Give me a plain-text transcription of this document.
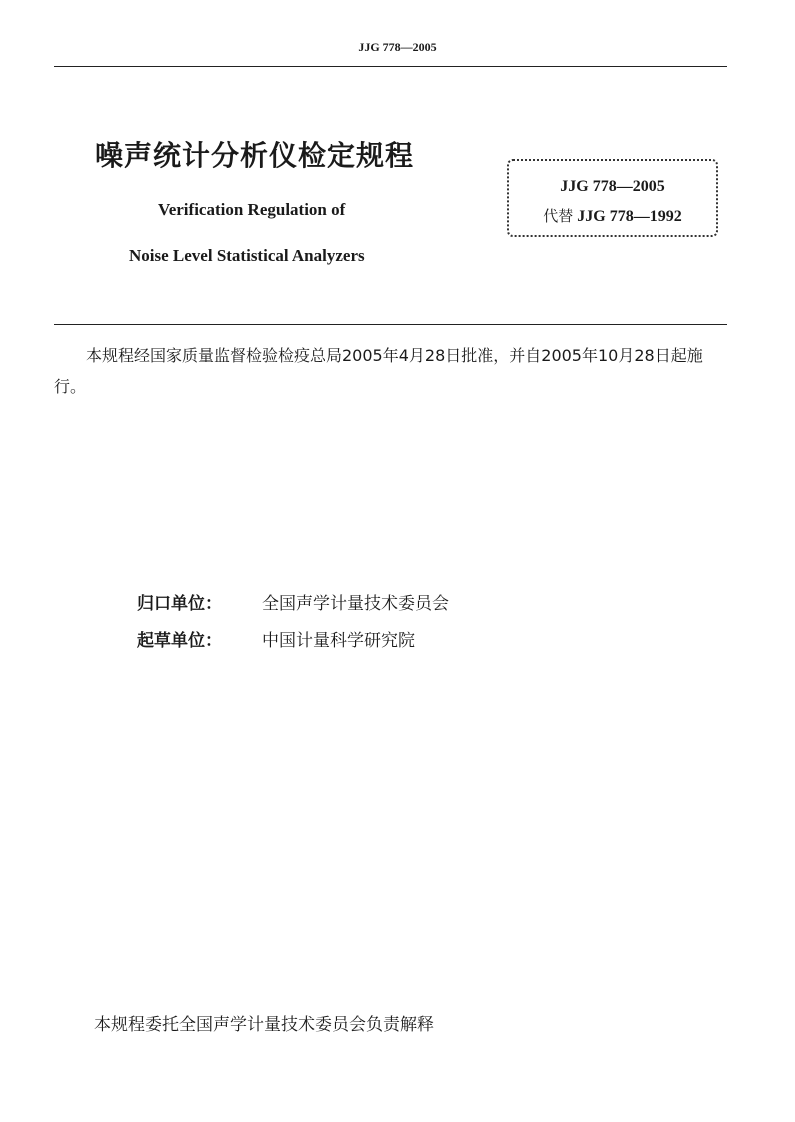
JJG 778—2005
噪声统计分析仪检定规程
Verification Regulation of
Noise Level Statistical Analyzers
JJG 778—2005
代替 JJG 778—1992
本规程经国家质量监督检验检疫总局2005年4月28日批准，并自2005年10月28日起施行。
归口单位： 全国声学计量技术委员会
起草单位： 中国计量科学研究院
本规程委托全国声学计量技术委员会负责解释
